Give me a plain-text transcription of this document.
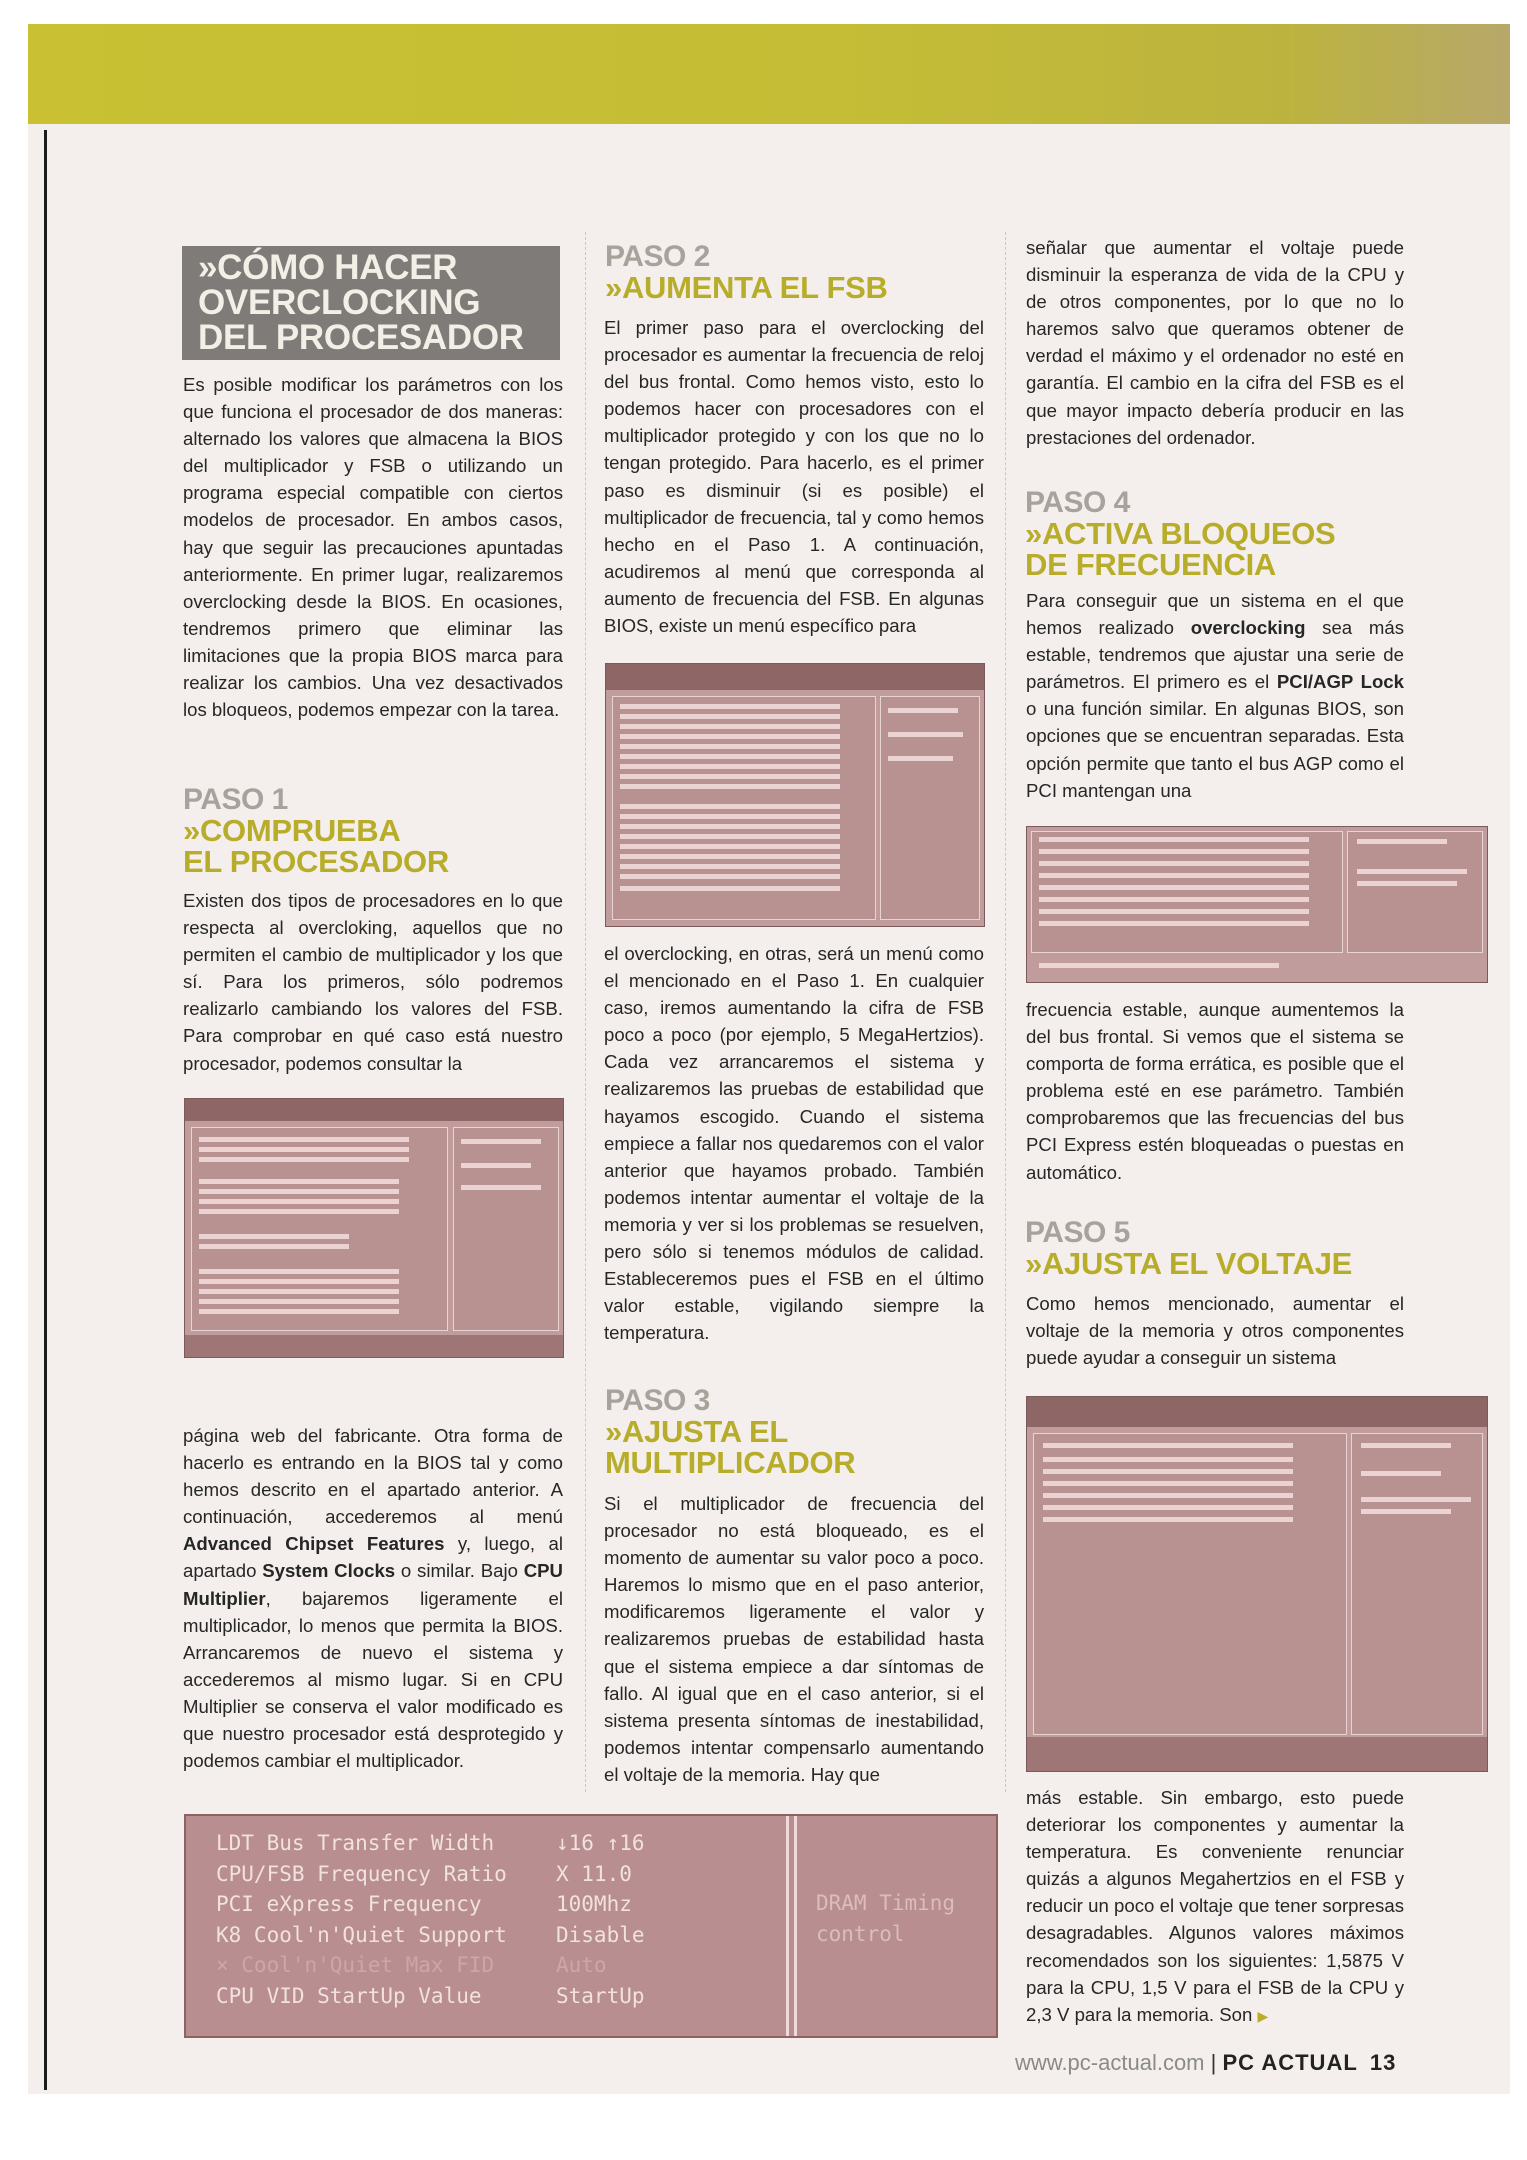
»CÓMO HACER
OVERCLOCKING
DEL PROCESADOR

Es posible modificar los parámetros con los que funciona el procesador de dos maneras: alternado los valores que almacena la BIOS del multiplicador y FSB o utilizando un programa especial compatible con ciertos modelos de procesador. En ambos casos, hay que seguir las precauciones apuntadas anteriormente. En primer lugar, realizaremos overclocking desde la BIOS. En ocasiones, tendremos primero que eliminar las limitaciones que la propia BIOS marca para realizar los cambios. Una vez desactivados los bloqueos, podemos empezar con la tarea.

PASO 1
»COMPRUEBA
EL PROCESADOR

Existen dos tipos de procesadores en lo que respecta al overcloking, aquellos que no permiten el cambio de multiplicador y los que sí. Para los primeros, sólo podremos realizarlo cambiando los valores del FSB. Para comprobar en qué caso está nuestro procesador, podemos consultar la

página web del fabricante. Otra forma de hacerlo es entrando en la BIOS tal y como hemos descrito en el apartado anterior. A continuación, accederemos al menú Advanced Chipset Features y, luego, al apartado System Clocks o similar. Bajo CPU Multiplier, bajaremos ligeramente el multiplicador, lo menos que permita la BIOS. Arrancaremos de nuevo el sistema y accederemos al mismo lugar. Si en CPU Multiplier se conserva el valor modificado es que nuestro procesador está desprotegido y podemos cambiar el multiplicador.

PASO 2
»AUMENTA EL FSB

El primer paso para el overclocking del procesador es aumentar la frecuencia de reloj del bus frontal. Como hemos visto, esto lo podemos hacer con procesadores con el multiplicador protegido y con los que no lo tengan protegido. Para hacerlo, es el primer paso es disminuir (si es posible) el multiplicador de frecuencia, tal y como hemos hecho en el Paso 1. A continuación, acudiremos al menú que corresponda al aumento de frecuencia del FSB. En algunas BIOS, existe un menú específico para

el overclocking, en otras, será un menú como el mencionado en el Paso 1. En cualquier caso, iremos aumentando la cifra de FSB poco a poco (por ejemplo, 5 MegaHertzios). Cada vez arrancaremos el sistema y realizaremos las pruebas de estabilidad que hayamos escogido. Cuando el sistema empiece a fallar nos quedaremos con el valor anterior que hayamos probado. También podemos intentar aumentar el voltaje de la memoria y ver si los problemas se resuelven, pero sólo si tenemos módulos de calidad. Estableceremos pues el FSB en el último valor estable, vigilando siempre la temperatura.

PASO 3
»AJUSTA EL
MULTIPLICADOR

Si el multiplicador de frecuencia del procesador no está bloqueado, es el momento de aumentar su valor poco a poco. Haremos lo mismo que en el paso anterior, modificaremos ligeramente el valor y realizaremos pruebas de estabilidad hasta que el sistema empiece a dar síntomas de fallo. Al igual que en el caso anterior, si el sistema presenta síntomas de inestabilidad, podemos intentar compensarlo aumentando el voltaje de la memoria. Hay que

LDT Bus Transfer Width
CPU/FSB Frequency Ratio
PCI eXpress Frequency
K8 Cool'n'Quiet Support
× Cool'n'Quiet Max FID
CPU VID StartUp Value
↓16 ↑16
X 11.0
100Mhz
Disable
Auto
StartUp
DRAM Timing
control

señalar que aumentar el voltaje puede disminuir la esperanza de vida de la CPU y de otros componentes, por lo que no lo haremos salvo que queramos obtener de verdad el máximo y el ordenador no esté en garantía. El cambio en la cifra del FSB es el que mayor impacto debería producir en las prestaciones del ordenador.

PASO 4
»ACTIVA BLOQUEOS
DE FRECUENCIA

Para conseguir que un sistema en el que hemos realizado overclocking sea más estable, tendremos que ajustar una serie de parámetros. El primero es el PCI/AGP Lock o una función similar. En algunas BIOS, son opciones que se encuentran separadas. Esta opción permite que tanto el bus AGP como el PCI mantengan una

frecuencia estable, aunque aumentemos la del bus frontal. Si vemos que el sistema se comporta de forma errática, es posible que el problema esté en ese parámetro. También comprobaremos que las frecuencias del bus PCI Express estén bloqueadas o puestas en automático.

PASO 5
»AJUSTA EL VOLTAJE

Como hemos mencionado, aumentar el voltaje de la memoria y otros componentes puede ayudar a conseguir un sistema

más estable. Sin embargo, esto puede deteriorar los componentes y aumentar la temperatura. Es conveniente renunciar quizás a algunos Megahertzios en el FSB y reducir un poco el voltaje que tener sorpresas desagradables. Algunos valores máximos recomendados son los siguientes: 1,5875 V para la CPU, 1,5 V para el FSB de la CPU y 2,3 V para la memoria. Son ▶

www.pc-actual.com | PC ACTUAL 13
